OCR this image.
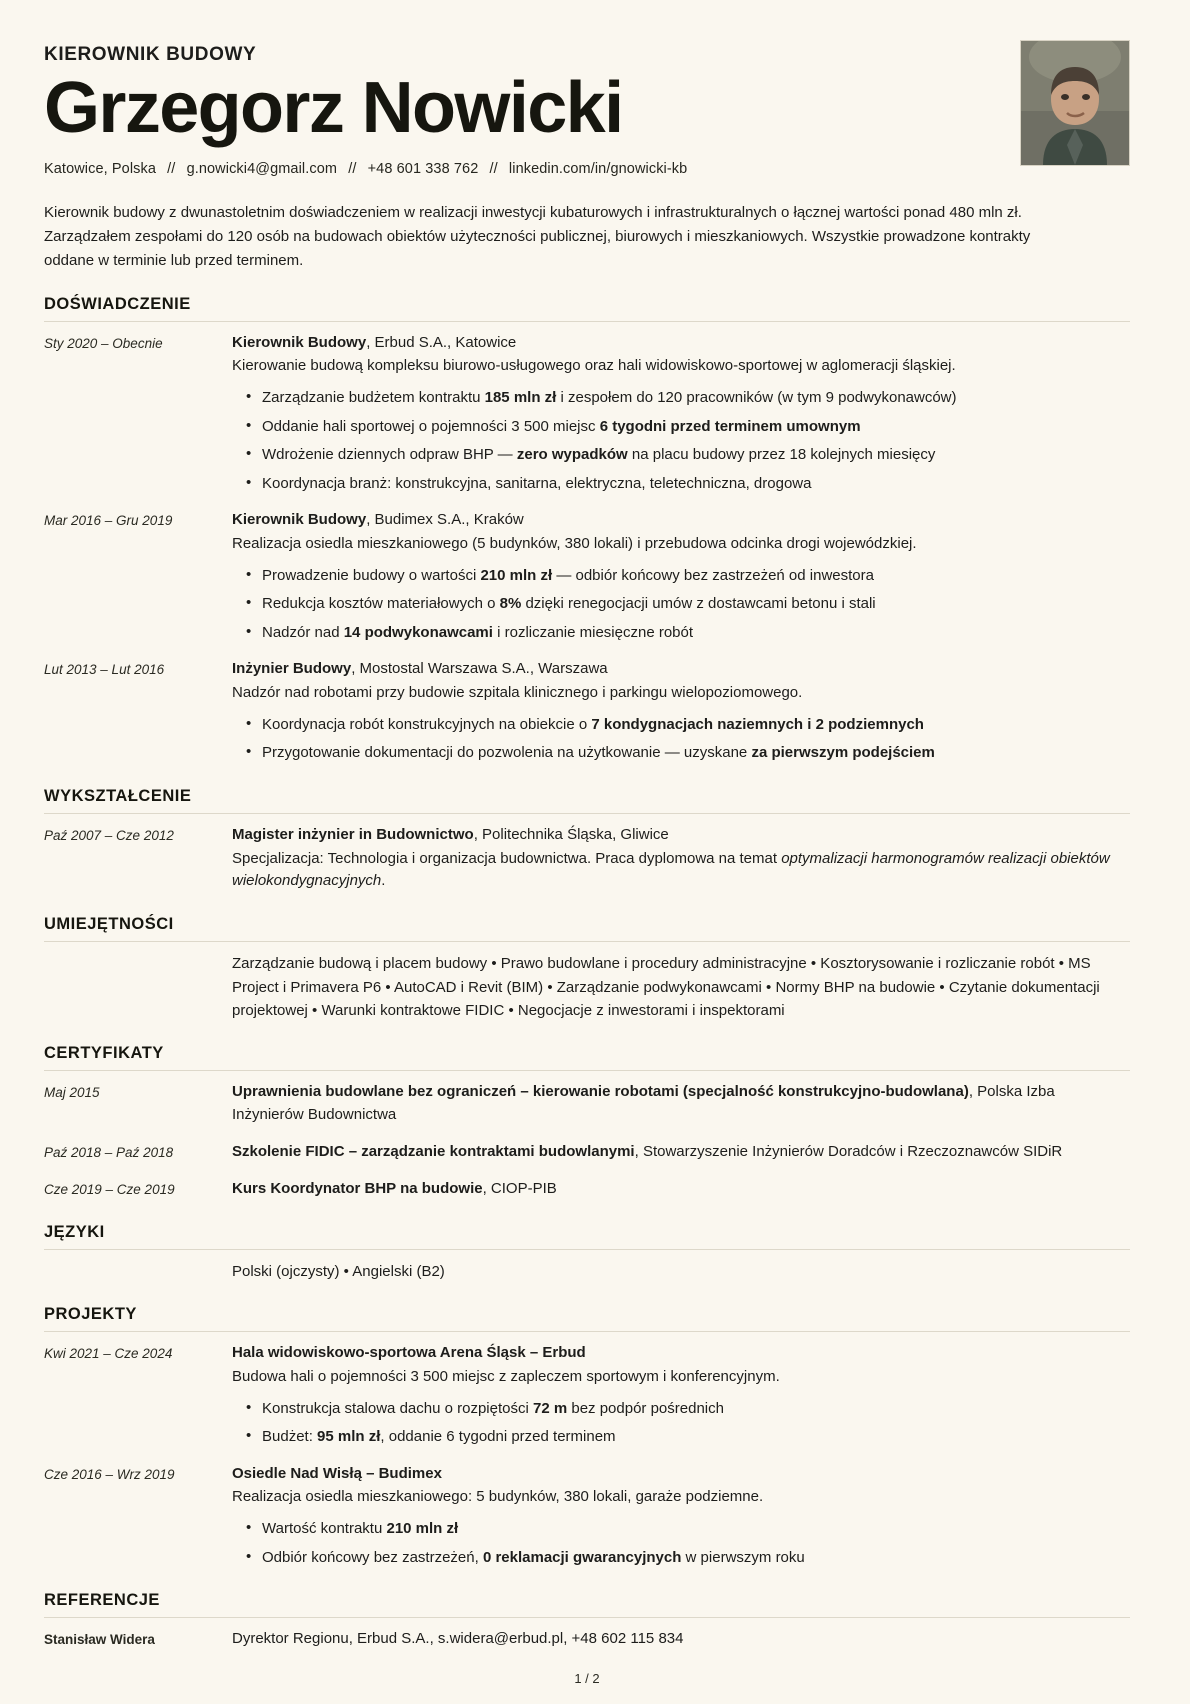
KIEROWNIK BUDOWY
Grzegorz Nowicki
Katowice, Polska // g.nowicki4@gmail.com // +48 601 338 762 // linkedin.com/in/gnowicki-kb
Kierownik budowy z dwunastoletnim doświadczeniem w realizacji inwestycji kubaturowych i infrastrukturalnych o łącznej wartości ponad 480 mln zł. Zarządzałem zespołami do 120 osób na budowach obiektów użyteczności publicznej, biurowych i mieszkaniowych. Wszystkie prowadzone kontrakty oddane w terminie lub przed terminem.
DOŚWIADCZENIE
Sty 2020 – Obecnie	Kierownik Budowy, Erbud S.A., Katowice

Kierowanie budową kompleksu biurowo-usługowego oraz hali widowiskowo-sportowej w aglomeracji śląskiej.

• Zarządzanie budżetem kontraktu 185 mln zł i zespołem do 120 pracowników (w tym 9 podwykonawców)
• Oddanie hali sportowej o pojemności 3 500 miejsc 6 tygodni przed terminem umownym
• Wdrożenie dziennych odpraw BHP — zero wypadków na placu budowy przez 18 kolejnych miesięcy
• Koordynacja branż: konstrukcyjna, sanitarna, elektryczna, teletechniczna, drogowa
Mar 2016 – Gru 2019	Kierownik Budowy, Budimex S.A., Kraków

Realizacja osiedla mieszkaniowego (5 budynków, 380 lokali) i przebudowa odcinka drogi wojewódzkiej.

• Prowadzenie budowy o wartości 210 mln zł — odbiór końcowy bez zastrzeżeń od inwestora
• Redukcja kosztów materiałowych o 8% dzięki renegocjacji umów z dostawcami betonu i stali
• Nadzór nad 14 podwykonawcami i rozliczanie miesięczne robót
Lut 2013 – Lut 2016	Inżynier Budowy, Mostostal Warszawa S.A., Warszawa

Nadzór nad robotami przy budowie szpitala klinicznego i parkingu wielopoziomowego.

• Koordynacja robót konstrukcyjnych na obiekcie o 7 kondygnacjach naziemnych i 2 podziemnych
• Przygotowanie dokumentacji do pozwolenia na użytkowanie — uzyskane za pierwszym podejściem
WYKSZTAŁCENIE
Paź 2007 – Cze 2012	Magister inżynier in Budownictwo, Politechnika Śląska, Gliwice

Specjalizacja: Technologia i organizacja budownictwa. Praca dyplomowa na temat optymalizacji harmonogramów realizacji obiektów wielokondygnacyjnych.

UMIEJĘTNOŚCI
Zarządzanie budową i placem budowy • Prawo budowlane i procedury administracyjne • Kosztorysowanie i rozliczanie robót • MS Project i Primavera P6 • AutoCAD i Revit (BIM) • Zarządzanie podwykonawcami • Normy BHP na budowie • Czytanie dokumentacji projektowej • Warunki kontraktowe FIDIC • Negocjacje z inwestorami i inspektorami
CERTYFIKATY
Maj 2015	Uprawnienia budowlane bez ograniczeń – kierowanie robotami (specjalność konstrukcyjno-budowlana), Polska Izba Inżynierów Budownictwa

Paź 2018 – Paź 2018	Szkolenie FIDIC – zarządzanie kontraktami budowlanymi, Stowarzyszenie Inżynierów Doradców i Rzeczoznawców SIDiR

Cze 2019 – Cze 2019	Kurs Koordynator BHP na budowie, CIOP-PIB

JĘZYKI
Polski (ojczysty) • Angielski (B2)
PROJEKTY
Kwi 2021 – Cze 2024	Hala widowiskowo-sportowa Arena Śląsk – Erbud

Budowa hali o pojemności 3 500 miejsc z zapleczem sportowym i konferencyjnym.

• Konstrukcja stalowa dachu o rozpiętości 72 m bez podpór pośrednich
• Budżet: 95 mln zł, oddanie 6 tygodni przed terminem
Cze 2016 – Wrz 2019	Osiedle Nad Wisłą – Budimex

Realizacja osiedla mieszkaniowego: 5 budynków, 380 lokali, garaże podziemne.

• Wartość kontraktu 210 mln zł
• Odbiór końcowy bez zastrzeżeń, 0 reklamacji gwarancyjnych w pierwszym roku
REFERENCJE
Stanisław Widera	Dyrektor Regionu, Erbud S.A., s.widera@erbud.pl, +48 602 115 834
1 / 2
